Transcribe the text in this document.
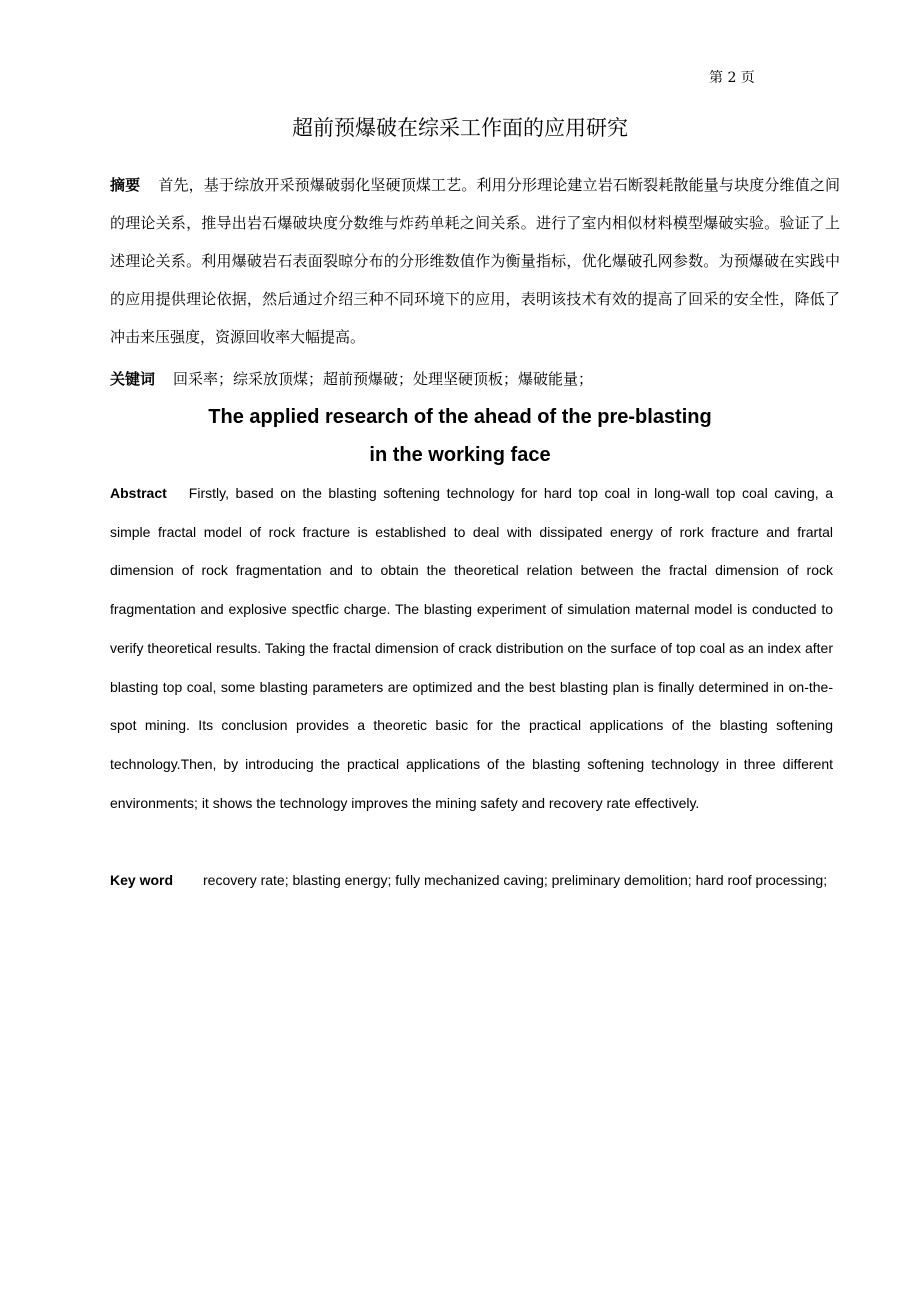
第 2 页
超前预爆破在综采工作面的应用研究
摘要 首先，基于综放开采预爆破弱化坚硬顶煤工艺。利用分形理论建立岩石断裂耗散能量与块度分维值之间的理论关系，推导出岩石爆破块度分数维与炸药单耗之间关系。进行了室内相似材料模型爆破实验。验证了上述理论关系。利用爆破岩石表面裂晾分布的分形维数值作为衡量指标，优化爆破孔网参数。为预爆破在实践中的应用提供理论依据，然后通过介绍三种不同环境下的应用，表明该技术有效的提高了回采的安全性，降低了冲击来压强度，资源回收率大幅提高。
关键词 回采率；综采放顶煤；超前预爆破；处理坚硬顶板；爆破能量；
The applied research of the ahead of the pre-blasting
in the working face
Abstract Firstly, based on the blasting softening technology for hard top coal in long-wall top coal caving, a simple fractal model of rock fracture is established to deal with dissipated energy of rork fracture and frartal dimension of rock fragmentation and to obtain the theoretical relation between the fractal dimension of rock fragmentation and explosive spectfic charge. The blasting experiment of simulation maternal model is conducted to verify theoretical results. Taking the fractal dimension of crack distribution on the surface of top coal as an index after blasting top coal, some blasting parameters are optimized and the best blasting plan is finally determined in on-the-spot mining. Its conclusion provides a theoretic basic for the practical applications of the blasting softening technology.Then, by introducing the practical applications of the blasting softening technology in three different environments; it shows the technology improves the mining safety and recovery rate effectively.
Key word recovery rate; blasting energy; fully mechanized caving; preliminary demolition; hard roof processing;
